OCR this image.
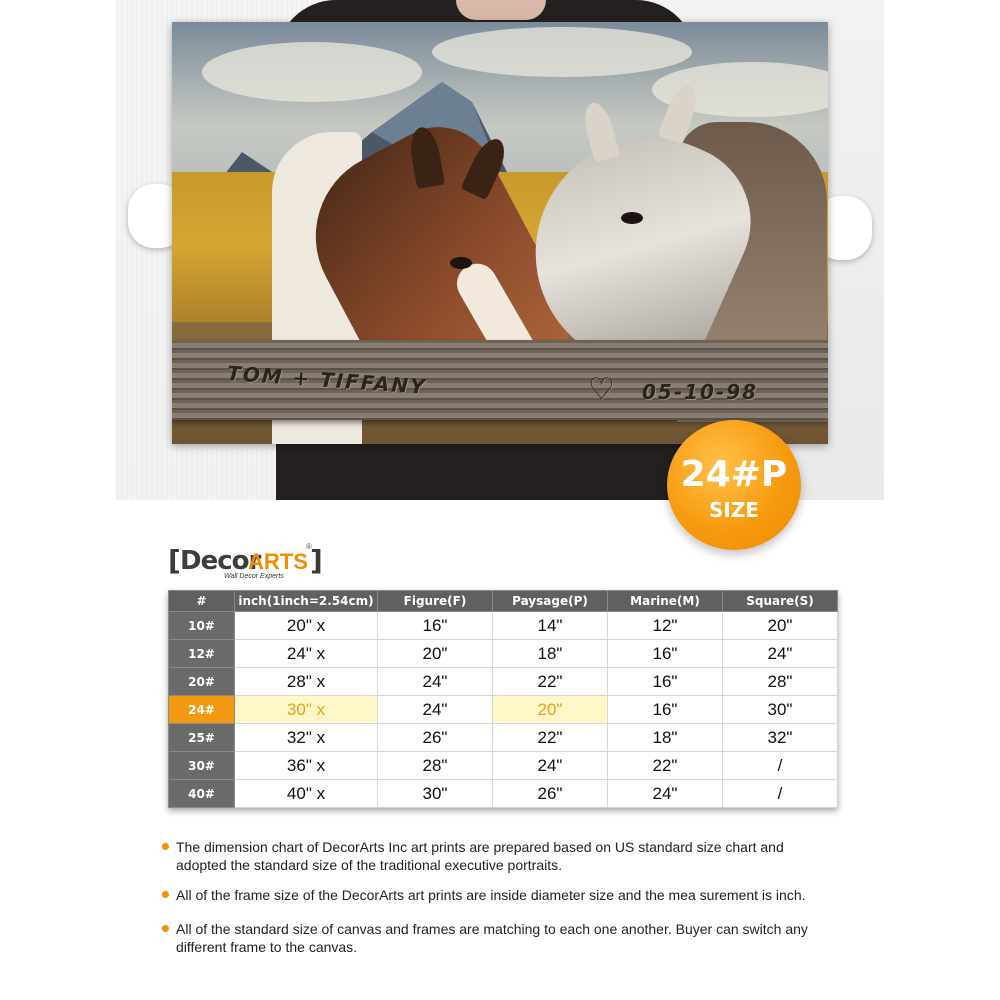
TOM + TIFFANY	♡ 05-10-98
24#P
SIZE
[ Decor
ARTS
®
]
Wall Decor Experts
#	inch(1inch=2.54cm)	Figure(F)	Paysage(P)	Marine(M)	Square(S)
10#	20" x	16"	14"	12"	20"
12#	24" x	20"	18"	16"	24"
20#	28" x	24"	22"	16"	28"
24#	30" x	24"	20"	16"	30"
25#	32" x	26"	22"	18"	32"
30#	36" x	28"	24"	22"	/
40#	40" x	30"	26"	24"	/
The dimension chart of DecorArts Inc art prints are prepared based on US standard size chart and adopted the standard size of the traditional executive portraits.
All of the frame size of the DecorArts art prints are inside diameter size and the mea surement is inch.
All of the standard size of canvas and frames are matching to each one another. Buyer can switch any different frame to the canvas.
